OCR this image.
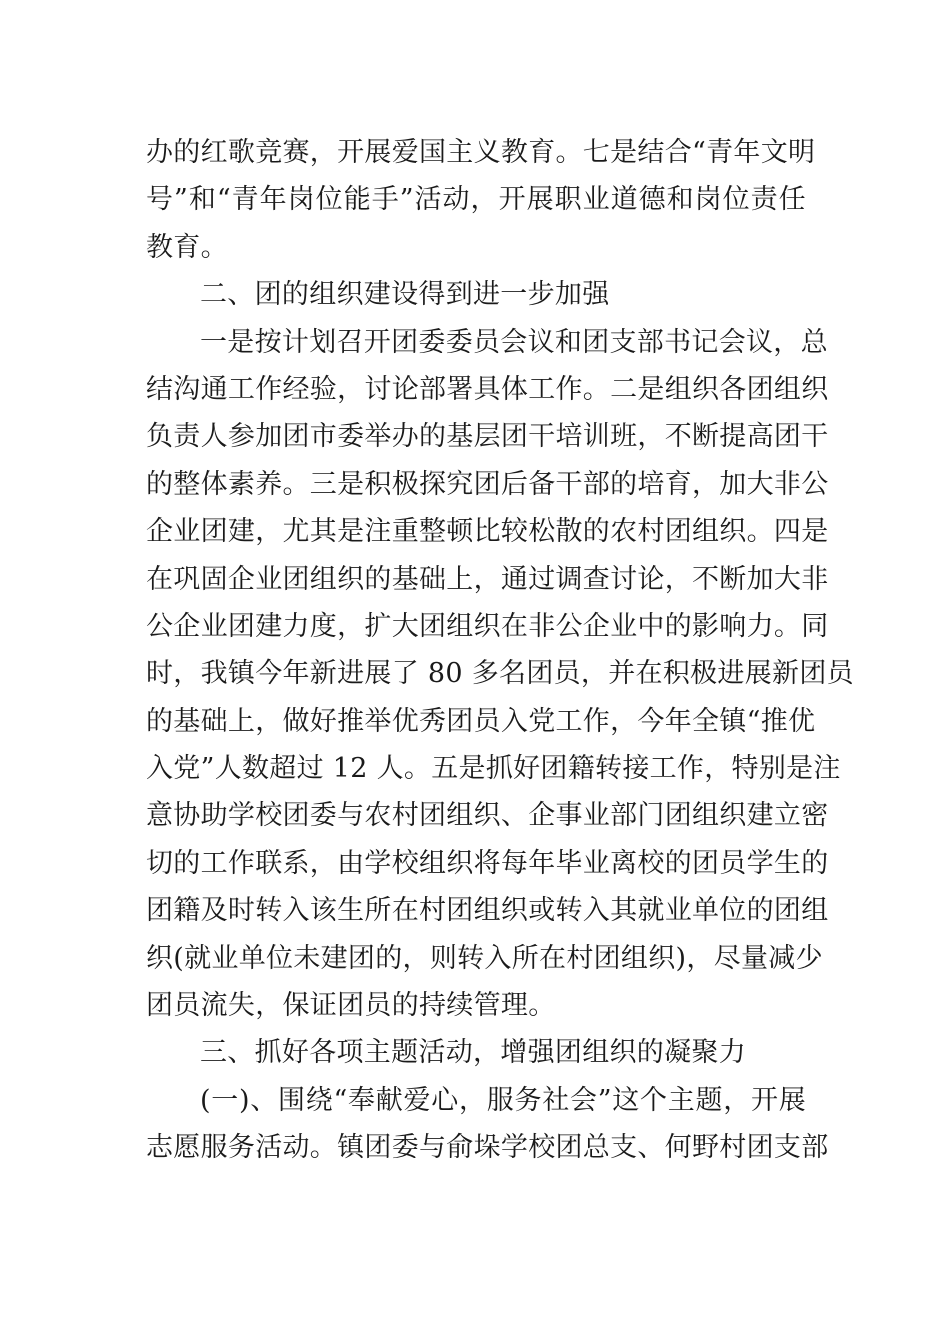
办的红歌竞赛，开展爱国主义教育。七是结合“青年文明
号”和“青年岗位能手”活动，开展职业道德和岗位责任
教育。
二、团的组织建设得到进一步加强
一是按计划召开团委委员会议和团支部书记会议，总
结沟通工作经验，讨论部署具体工作。二是组织各团组织
负责人参加团市委举办的基层团干培训班，不断提高团干
的整体素养。三是积极探究团后备干部的培育，加大非公
企业团建，尤其是注重整顿比较松散的农村团组织。四是
在巩固企业团组织的基础上，通过调查讨论，不断加大非
公企业团建力度，扩大团组织在非公企业中的影响力。同
时，我镇今年新进展了 80 多名团员，并在积极进展新团员
的基础上，做好推举优秀团员入党工作，今年全镇“推优
入党”人数超过 12 人。五是抓好团籍转接工作，特别是注
意协助学校团委与农村团组织、企事业部门团组织建立密
切的工作联系，由学校组织将每年毕业离校的团员学生的
团籍及时转入该生所在村团组织或转入其就业单位的团组
织(就业单位未建团的，则转入所在村团组织)，尽量减少
团员流失，保证团员的持续管理。
三、抓好各项主题活动，增强团组织的凝聚力
(一)、围绕“奉献爱心，服务社会”这个主题，开展
志愿服务活动。镇团委与俞垛学校团总支、何野村团支部
